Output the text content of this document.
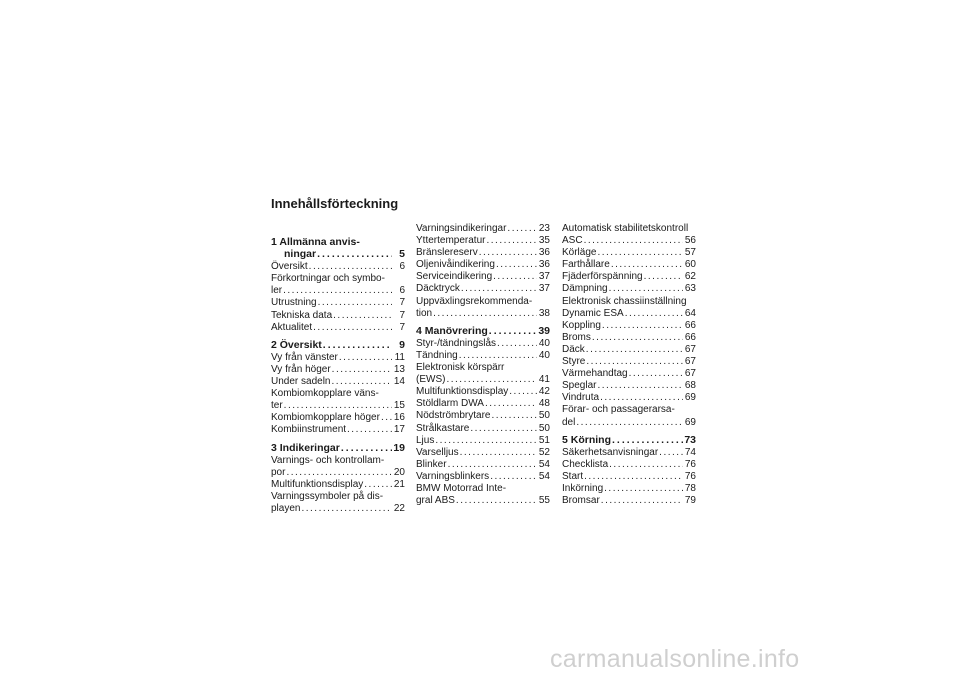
Innehållsförteckning
1 Allmänna anvis-
ningar .....	5
Översikt .....	6
Förkortningar och symbo-
ler .....	6
Utrustning .....	7
Tekniska data .....	7
Aktualitet .....	7
2 Översikt .....	9
Vy från vänster .....	11
Vy från höger .....	13
Under sadeln .....	14
Kombiomkopplare väns-
ter .....	15
Kombiomkopplare höger ..... 16
Kombiinstrument .....	17
3 Indikeringar .....	19
Varnings- och kontrollam-
por .....	20
Multifunktionsdisplay .....	21
Varningssymboler på dis-
playen .....	22
Varningsindikeringar .....	23
Yttertemperatur .....	35
Bränslereserv .....	36
Oljenivåindikering .....	36
Serviceindikering .....	37
Däcktryck .....	37
Uppväxlingsrekommenda-
tion .....	38
4 Manövrering .....	39
Styr-/tändningslås .....	40
Tändning .....	40
Elektronisk körspärr
(EWS) .....	41
Multifunktionsdisplay .....	42
Stöldlarm DWA .....	48
Nödströmbrytare .....	50
Strålkastare .....	50
Ljus .....	51
Varselljus .....	52
Blinker .....	54
Varningsblinkers .....	54
BMW Motorrad Inte-
gral ABS .....	55
Automatisk stabilitetskontroll
ASC .....	56
Körläge .....	57
Farthållare .....	60
Fjäderförspänning .....	62
Dämpning .....	63
Elektronisk chassiinställning
Dynamic ESA .....	64
Koppling .....	66
Broms .....	66
Däck .....	67
Styre .....	67
Värmehandtag .....	67
Speglar .....	68
Vindruta .....	69
Förar- och passagerarsa-
del .....	69
5 Körning .....	73
Säkerhetsanvisningar .....	74
Checklista .....	76
Start .....	76
Inkörning .....	78
Bromsar .....	79
carmanualsonline.info
